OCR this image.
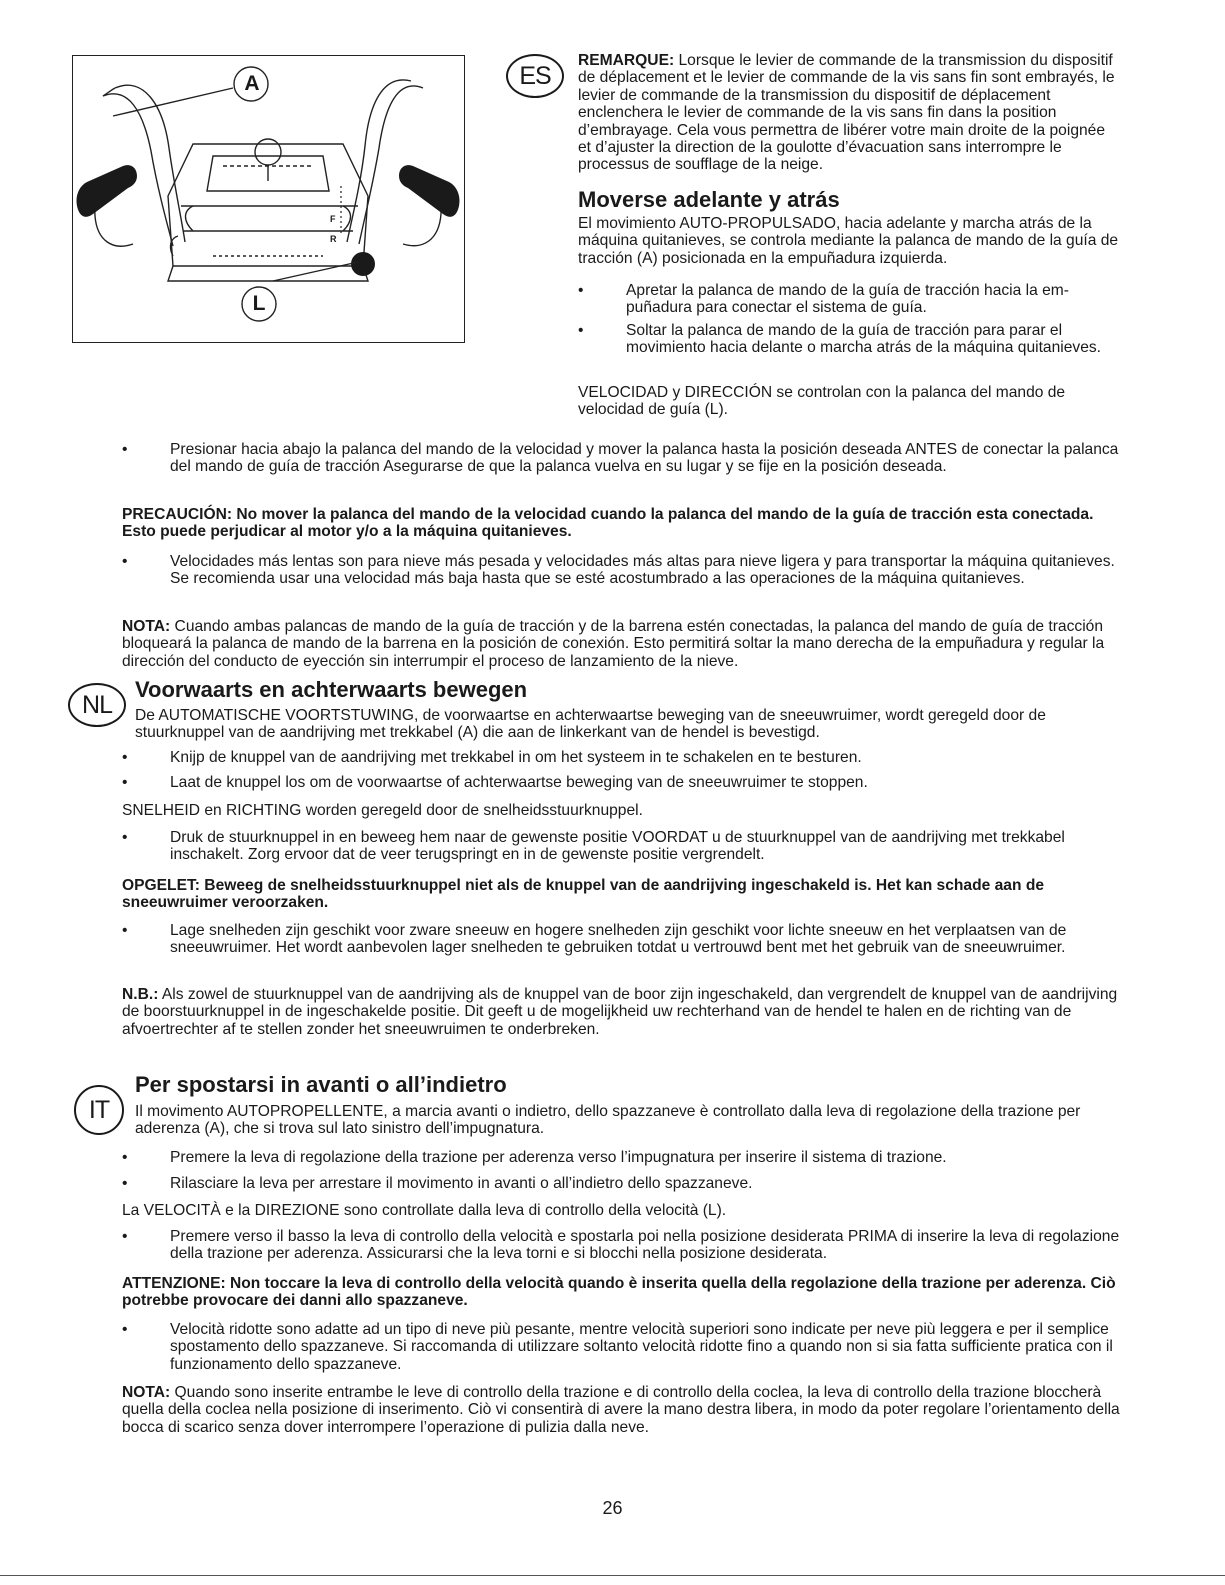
A
L
F
R
ES

REMARQUE: Lorsque le levier de commande de la transmission du dispositif de déplacement et le levier de commande de la vis sans fin sont embrayés, le levier de commande de la transmission du dispositif de déplacement enclenchera le levier de commande de la vis sans fin dans la position d’embrayage. Cela vous permettra de libérer votre main droite de la poignée et d’ajuster la direction de la goulotte d’évacuation sans interrompre le processus de soufflage de la neige.

Moverse adelante y atrás

El movimiento AUTO-PROPULSADO, hacia adelante y marcha atrás de la máquina quitanieves, se controla mediante la palanca de mando de la guía de tracción (A) posicionada en la empuñadura izquierda.

•	Apretar la palanca de mando de la guía de tracción hacia la empuñadura para conectar el sistema de guía.
•	Soltar la palanca de mando de la guía de tracción para parar el movimiento hacia delante o marcha atrás de la máquina quitanieves.

VELOCIDAD y DIRECCIÓN se controlan con la palanca del mando de velocidad de guía (L).

•	Presionar hacia abajo la palanca del mando de la velocidad y mover la palanca hasta la posición deseada ANTES de conectar la palanca del mando de guía de tracción Asegurarse de que la palanca vuelva en su lugar y se fije en la posición deseada.

PRECAUCIÓN: No mover la palanca del mando de la velocidad cuando la palanca del mando de la guía de tracción esta conectada. Esto puede perjudicar al motor y/o a la máquina quitanieves.

•	Velocidades más lentas son para nieve más pesada y velocidades más altas para nieve ligera y para transportar la máquina quitanieves. Se recomienda usar una velocidad más baja hasta que se esté acostumbrado a las operaciones de la máquina quitanieves.

NOTA: Cuando ambas palancas de mando de la guía de tracción y de la barrena estén conectadas, la palanca del mando de guía de tracción bloqueará la palanca de mando de la barrena en la posición de conexión. Esto permitirá soltar la mano derecha de la empuñadura y regular la dirección del conducto de eyección sin interrumpir el proceso de lanzamiento de la nieve.

NL
Voorwaarts en achterwaarts bewegen

De AUTOMATISCHE VOORTSTUWING, de voorwaartse en achterwaartse beweging van de sneeuwruimer, wordt geregeld door de stuurknuppel van de aandrijving met trekkabel (A) die aan de linkerkant van de hendel is bevestigd.

•	Knijp de knuppel van de aandrijving met trekkabel in om het systeem in te schakelen en te besturen.
•	Laat de knuppel los om de voorwaartse of achterwaartse beweging van de sneeuwruimer te stoppen.

SNELHEID en RICHTING worden geregeld door de snelheidsstuurknuppel.

•	Druk de stuurknuppel in en beweeg hem naar de gewenste positie VOORDAT u de stuurknuppel van de aandrijving met trekkabel inschakelt. Zorg ervoor dat de veer terugspringt en in de gewenste positie vergrendelt.

OPGELET: Beweeg de snelheidsstuurknuppel niet als de knuppel van de aandrijving ingeschakeld is. Het kan schade aan de sneeuwruimer veroorzaken.

•	Lage snelheden zijn geschikt voor zware sneeuw en hogere snelheden zijn geschikt voor lichte sneeuw en het verplaatsen van de sneeuwruimer. Het wordt aanbevolen lager snelheden te gebruiken totdat u vertrouwd bent met het gebruik van de sneeuwruimer.

N.B.: Als zowel de stuurknuppel van de aandrijving als de knuppel van de boor zijn ingeschakeld, dan vergrendelt de knuppel van de aandrijving de boorstuurknuppel in de ingeschakelde positie. Dit geeft u de mogelijkheid uw rechterhand van de hendel te halen en de richting van de afvoertrechter af te stellen zonder het sneeuwruimen te onderbreken.

IT
Per spostarsi in avanti o all’indietro

Il movimento AUTOPROPELLENTE, a marcia avanti o indietro, dello spazzaneve è controllato dalla leva di regolazione della trazione per aderenza (A), che si trova sul lato sinistro dell’impugnatura.

•	Premere la leva di regolazione della trazione per aderenza verso l’impugnatura per inserire il sistema di trazione.
•	Rilasciare la leva per arrestare il movimento in avanti o all’indietro dello spazzaneve.

La VELOCITÀ e la DIREZIONE sono controllate dalla leva di controllo della velocità (L).

•	Premere verso il basso la leva di controllo della velocità e spostarla poi nella posizione desiderata PRIMA di inserire la leva di regolazione della trazione per aderenza. Assicurarsi che la leva torni e si blocchi nella posizione desiderata.

ATTENZIONE: Non toccare la leva di controllo della velocità quando è inserita quella della regolazione della trazione per aderenza. Ciò potrebbe provocare dei danni allo spazzaneve.

•	Velocità ridotte sono adatte ad un tipo di neve più pesante, mentre velocità superiori sono indicate per neve più leggera e per il semplice spostamento dello spazzaneve. Si raccomanda di utilizzare soltanto velocità ridotte fino a quando non si sia fatta sufficiente pratica con il funzionamento dello spazzaneve.

NOTA: Quando sono inserite entrambe le leve di controllo della trazione e di controllo della coclea, la leva di controllo della trazione bloccherà quella della coclea nella posizione di inserimento. Ciò vi consentirà di avere la mano destra libera, in modo da poter regolare l’orientamento della bocca di scarico senza dover interrompere l’operazione di pulizia dalla neve.

26
